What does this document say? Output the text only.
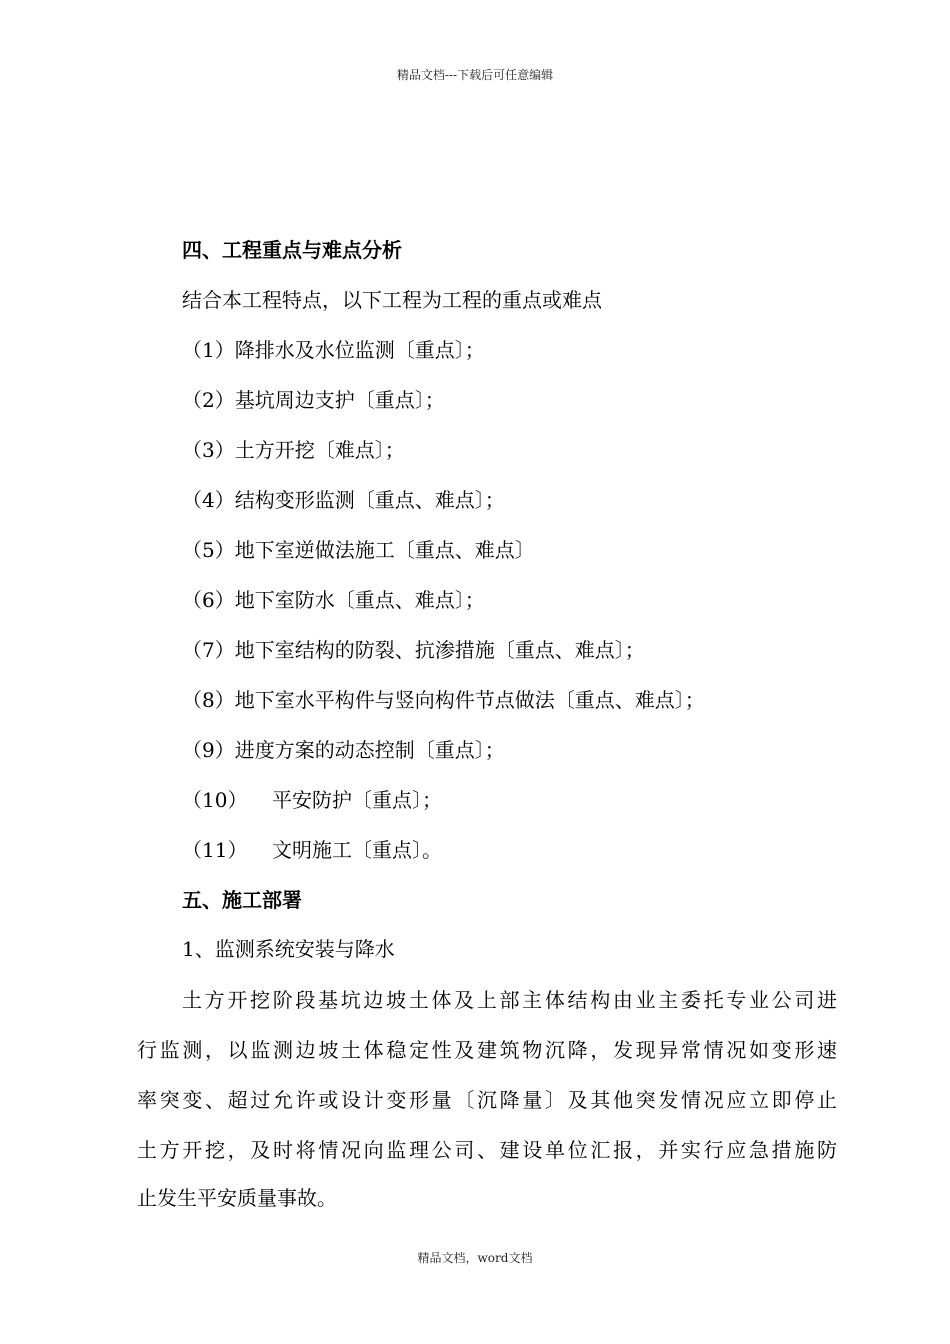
精品文档---下载后可任意编辑
四、工程重点与难点分析
结合本工程特点，以下工程为工程的重点或难点
（1）降排水及水位监测〔重点〕；
（2）基坑周边支护〔重点〕；
（3）土方开挖〔难点〕；
（4）结构变形监测〔重点、难点〕；
（5）地下室逆做法施工〔重点、难点〕
（6）地下室防水〔重点、难点〕；
（7）地下室结构的防裂、抗渗措施〔重点、难点〕；
（8）地下室水平构件与竖向构件节点做法〔重点、难点〕；
（9）进度方案的动态控制〔重点〕；
（10） 平安防护〔重点〕；
（11） 文明施工〔重点〕。
五、施工部署
1、监测系统安装与降水
土方开挖阶段基坑边坡土体及上部主体结构由业主委托专业公司进
行监测，以监测边坡土体稳定性及建筑物沉降，发现异常情况如变形速
率突变、超过允许或设计变形量〔沉降量〕及其他突发情况应立即停止
土方开挖，及时将情况向监理公司、建设单位汇报，并实行应急措施防
止发生平安质量事故。
精品文档，word文档
